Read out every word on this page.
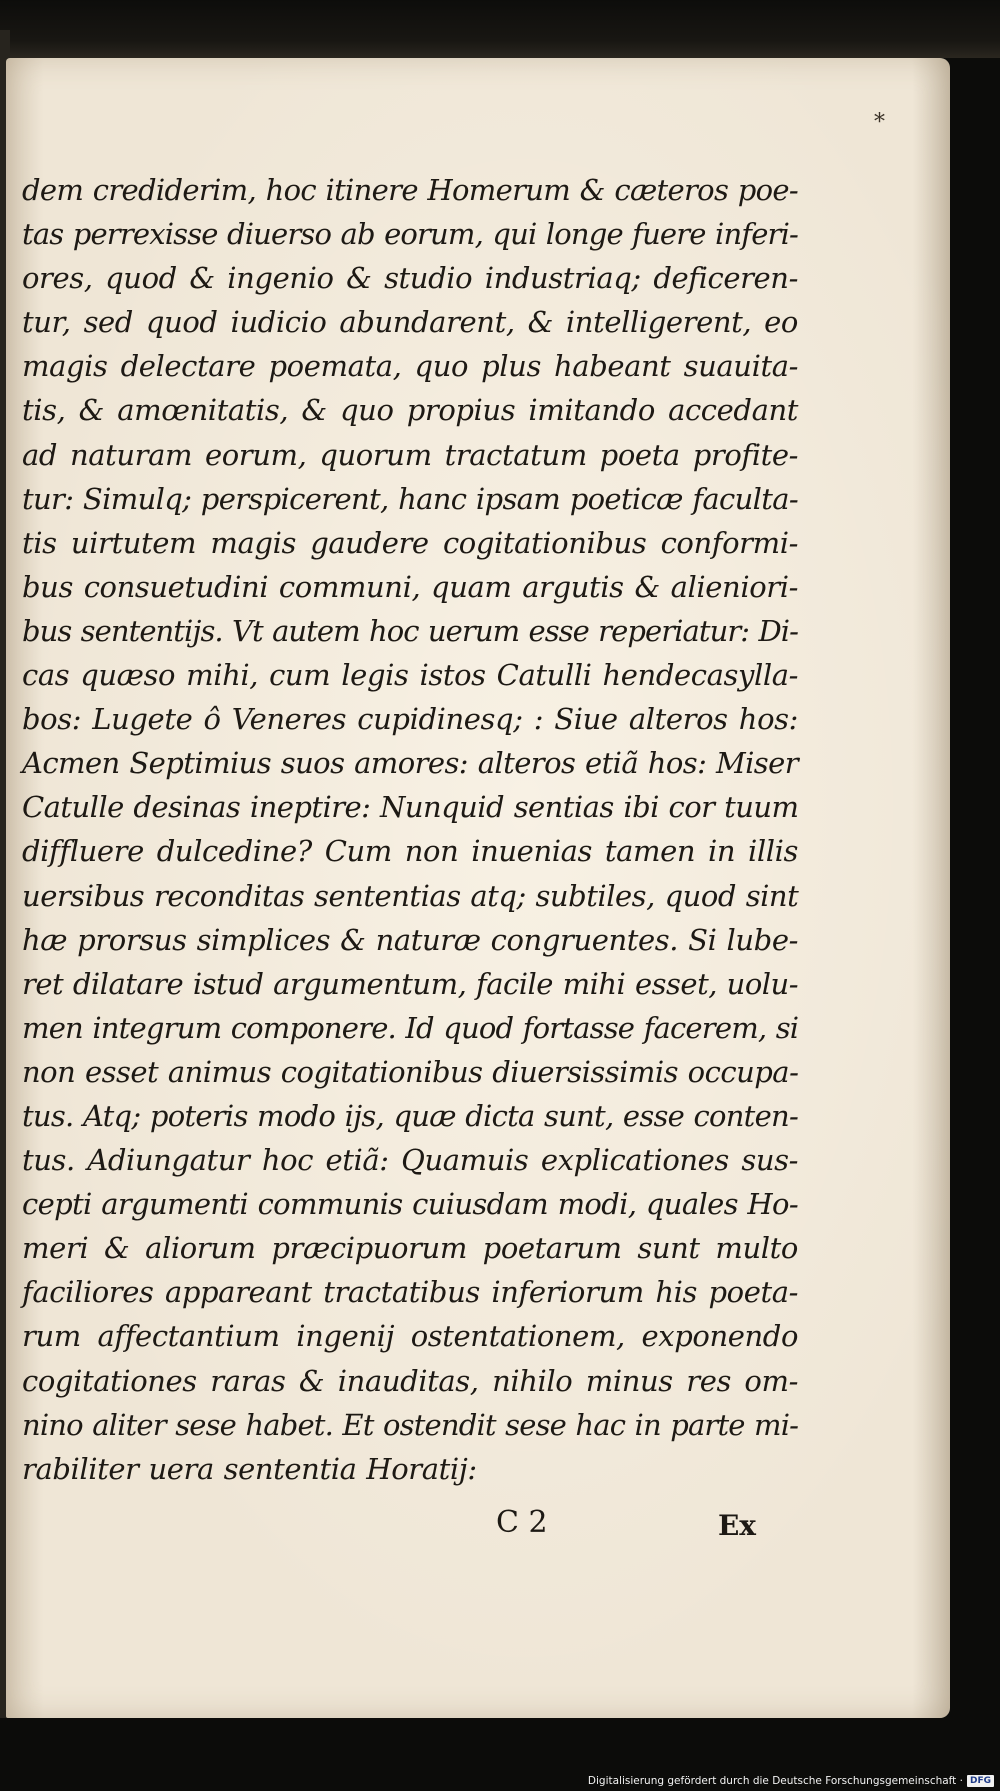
*
dem crediderim, hoc itinere Homerum & cæteros poe-
tas perrexisse diuerso ab eorum, qui longe fuere inferi-
ores, quod & ingenio & studio industriaq; deficeren-
tur, sed quod iudicio abundarent, & intelligerent, eo
magis delectare poemata, quo plus habeant suauita-
tis, & amœnitatis, & quo propius imitando accedant
ad naturam eorum, quorum tractatum poeta profite-
tur: Simulq; perspicerent, hanc ipsam poeticæ faculta-
tis uirtutem magis gaudere cogitationibus conformi-
bus consuetudini communi, quam argutis & alieniori-
bus sententijs. Vt autem hoc uerum esse reperiatur: Di-
cas quæso mihi, cum legis istos Catulli hendecasylla-
bos: Lugete ô Veneres cupidinesq; : Siue alteros hos:
Acmen Septimius suos amores: alteros etiã hos: Miser
Catulle desinas ineptire: Nunquid sentias ibi cor tuum
diffluere dulcedine? Cum non inuenias tamen in illis
uersibus reconditas sententias atq; subtiles, quod sint
hæ prorsus simplices & naturæ congruentes. Si lube-
ret dilatare istud argumentum, facile mihi esset, uolu-
men integrum componere. Id quod fortasse facerem, si
non esset animus cogitationibus diuersissimis occupa-
tus. Atq; poteris modo ijs, quæ dicta sunt, esse conten-
tus. Adiungatur hoc etiã: Quamuis explicationes sus-
cepti argumenti communis cuiusdam modi, quales Ho-
meri & aliorum præcipuorum poetarum sunt multo
faciliores appareant tractatibus inferiorum his poeta-
rum affectantium ingenij ostentationem, exponendo
cogitationes raras & inauditas, nihilo minus res om-
nino aliter sese habet. Et ostendit sese hac in parte mi-
rabiliter uera sententia Horatij:
C 2	Ex
Digitalisierung gefördert durch die Deutsche Forschungsgemeinschaft · DFG
